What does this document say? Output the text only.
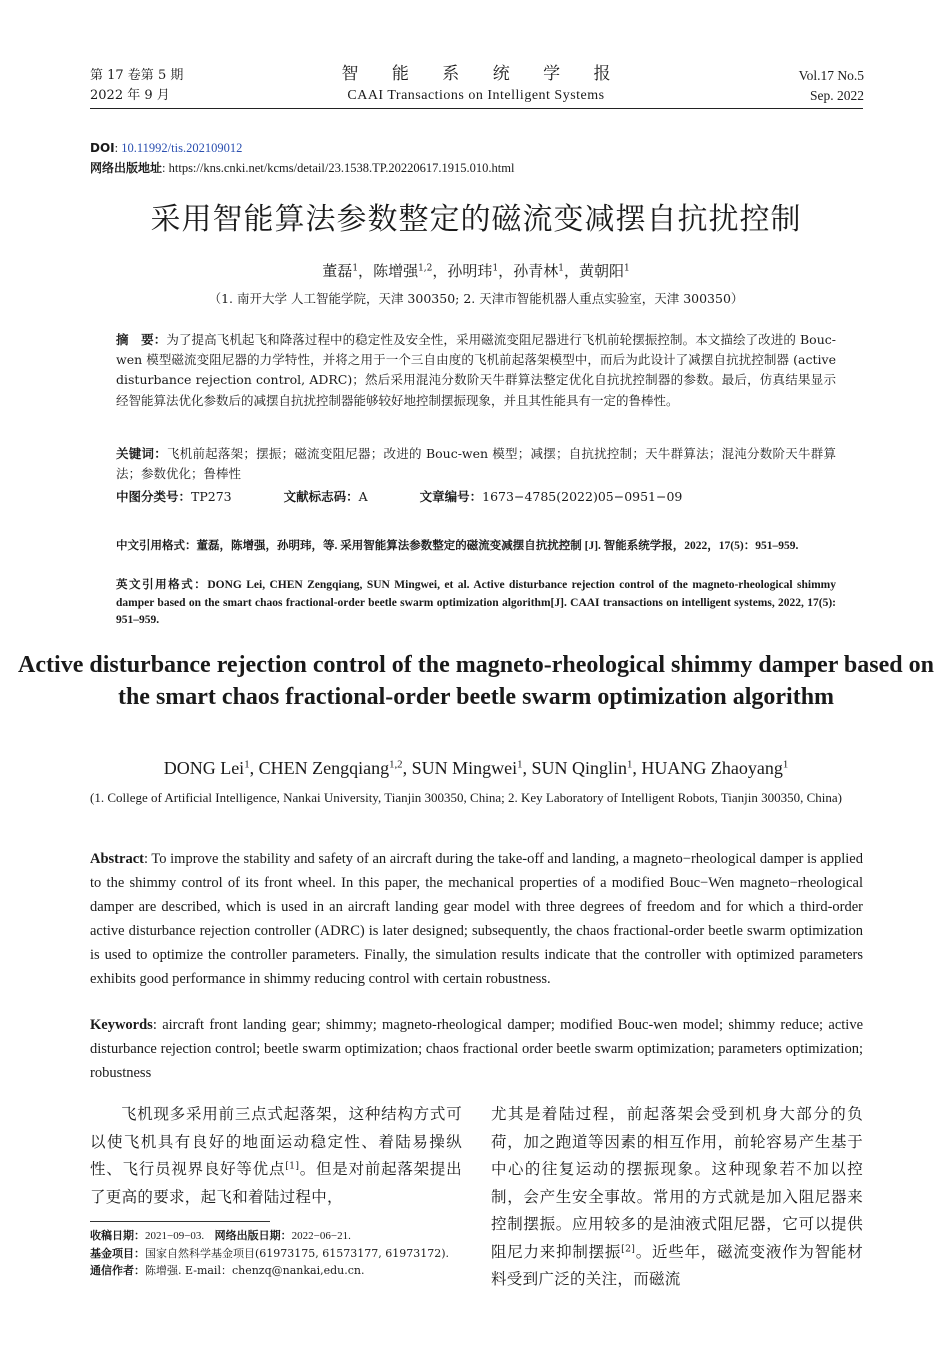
第 17 卷第 5 期
2022 年 9 月
智 能 系 统 学 报
CAAI Transactions on Intelligent Systems
Vol.17 No.5
Sep. 2022
DOI: 10.11992/tis.202109012
网络出版地址: https://kns.cnki.net/kcms/detail/23.1538.TP.20220617.1915.010.html
采用智能算法参数整定的磁流变减摆自抗扰控制
董磊$^1$，陈增强$^{1,2}$，孙明玮$^1$，孙青林$^1$，黄朝阳$^1$
（1. 南开大学 人工智能学院，天津 300350; 2. 天津市智能机器人重点实验室，天津 300350）
摘　要：为了提高飞机起飞和降落过程中的稳定性及安全性，采用磁流变阻尼器进行飞机前轮摆振控制。本文描绘了改进的 Bouc-wen 模型磁流变阻尼器的力学特性，并将之用于一个三自由度的飞机前起落架模型中，而后为此设计了减摆自抗扰控制器 (active disturbance rejection control, ADRC)；然后采用混沌分数阶天牛群算法整定优化自抗扰控制器的参数。最后，仿真结果显示经智能算法优化参数后的减摆自抗扰控制器能够较好地控制摆振现象，并且其性能具有一定的鲁棒性。
关键词：飞机前起落架；摆振；磁流变阻尼器；改进的 Bouc-wen 模型；减摆；自抗扰控制；天牛群算法；混沌分数阶天牛群算法；参数优化；鲁棒性
中图分类号：TP273	文献标志码：A	文章编号：1673−4785(2022)05−0951−09
中文引用格式：董磊，陈增强，孙明玮，等. 采用智能算法参数整定的磁流变减摆自抗扰控制 [J]. 智能系统学报，2022，17(5)：951–959.
英文引用格式：DONG Lei, CHEN Zengqiang, SUN Mingwei, et al. Active disturbance rejection control of the magneto-rheological shimmy damper based on the smart chaos fractional-order beetle swarm optimization algorithm[J]. CAAI transactions on intelligent systems, 2022, 17(5): 951–959.
Active disturbance rejection control of the magneto-rheological shimmy damper based on the smart chaos fractional-order beetle swarm optimization algorithm
DONG Lei$^1$, CHEN Zengqiang$^{1,2}$, SUN Mingwei$^1$, SUN Qinglin$^1$, HUANG Zhaoyang$^1$
(1. College of Artificial Intelligence, Nankai University, Tianjin 300350, China; 2. Key Laboratory of Intelligent Robots, Tianjin 300350, China)
Abstract: To improve the stability and safety of an aircraft during the take-off and landing, a magneto−rheological damper is applied to the shimmy control of its front wheel. In this paper, the mechanical properties of a modified Bouc−Wen magneto−rheological damper are described, which is used in an aircraft landing gear model with three degrees of freedom and for which a third-order active disturbance rejection controller (ADRC) is later designed; subsequently, the chaos fractional-order beetle swarm optimization is used to optimize the controller parameters. Finally, the simulation results indicate that the controller with optimized parameters exhibits good performance in shimmy reducing control with certain robustness.
Keywords: aircraft front landing gear; shimmy; magneto-rheological damper; modified Bouc-wen model; shimmy reduce; active disturbance rejection control; beetle swarm optimization; chaos fractional order beetle swarm optimization; parameters optimization; robustness
飞机现多采用前三点式起落架，这种结构方式可以使飞机具有良好的地面运动稳定性、着陆易操纵性、飞行员视界良好等优点[1]。但是对前起落架提出了更高的要求，起飞和着陆过程中，
尤其是着陆过程，前起落架会受到机身大部分的负荷，加之跑道等因素的相互作用，前轮容易产生基于中心的往复运动的摆振现象。这种现象若不加以控制，会产生安全事故。常用的方式就是加入阻尼器来控制摆振。应用较多的是油液式阻尼器，它可以提供阻尼力来抑制摆振[2]。近些年，磁流变液作为智能材料受到广泛的关注，而磁流
收稿日期：2021−09−03. 网络出版日期：2022−06−21.
基金项目：国家自然科学基金项目(61973175, 61573177, 61973172).
通信作者：陈增强. E-mail：chenzq@nankai,edu.cn.
